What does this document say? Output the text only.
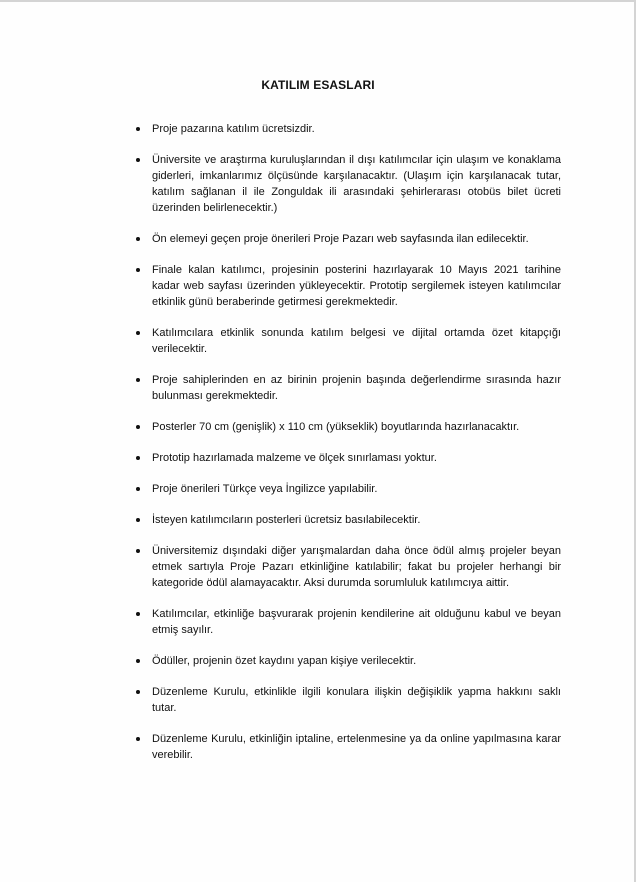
KATILIM ESASLARI
Proje pazarına katılım ücretsizdir.
Üniversite ve araştırma kuruluşlarından il dışı katılımcılar için ulaşım ve konaklama giderleri, imkanlarımız ölçüsünde karşılanacaktır. (Ulaşım için karşılanacak tutar, katılım sağlanan il ile Zonguldak ili arasındaki şehirlerarası otobüs bilet ücreti üzerinden belirlenecektir.)
Ön elemeyi geçen proje önerileri Proje Pazarı web sayfasında ilan edilecektir.
Finale kalan katılımcı, projesinin posterini hazırlayarak 10 Mayıs 2021 tarihine kadar web sayfası üzerinden yükleyecektir. Prototip sergilemek isteyen katılımcılar etkinlik günü beraberinde getirmesi gerekmektedir.
Katılımcılara etkinlik sonunda katılım belgesi ve dijital ortamda özet kitapçığı verilecektir.
Proje sahiplerinden en az birinin projenin başında değerlendirme sırasında hazır bulunması gerekmektedir.
Posterler 70 cm (genişlik) x 110 cm (yükseklik) boyutlarında hazırlanacaktır.
Prototip hazırlamada malzeme ve ölçek sınırlaması yoktur.
Proje önerileri Türkçe veya İngilizce yapılabilir.
İsteyen katılımcıların posterleri ücretsiz basılabilecektir.
Üniversitemiz dışındaki diğer yarışmalardan daha önce ödül almış projeler beyan etmek sartıyla Proje Pazarı etkinliğine katılabilir; fakat bu projeler herhangi bir kategoride ödül alamayacaktır. Aksi durumda sorumluluk katılımcıya aittir.
Katılımcılar, etkinliğe başvurarak projenin kendilerine ait olduğunu kabul ve beyan etmiş sayılır.
Ödüller, projenin özet kaydını yapan kişiye verilecektir.
Düzenleme Kurulu, etkinlikle ilgili konulara ilişkin değişiklik yapma hakkını saklı tutar.
Düzenleme Kurulu, etkinliğin iptaline, ertelenmesine ya da online yapılmasına karar verebilir.
